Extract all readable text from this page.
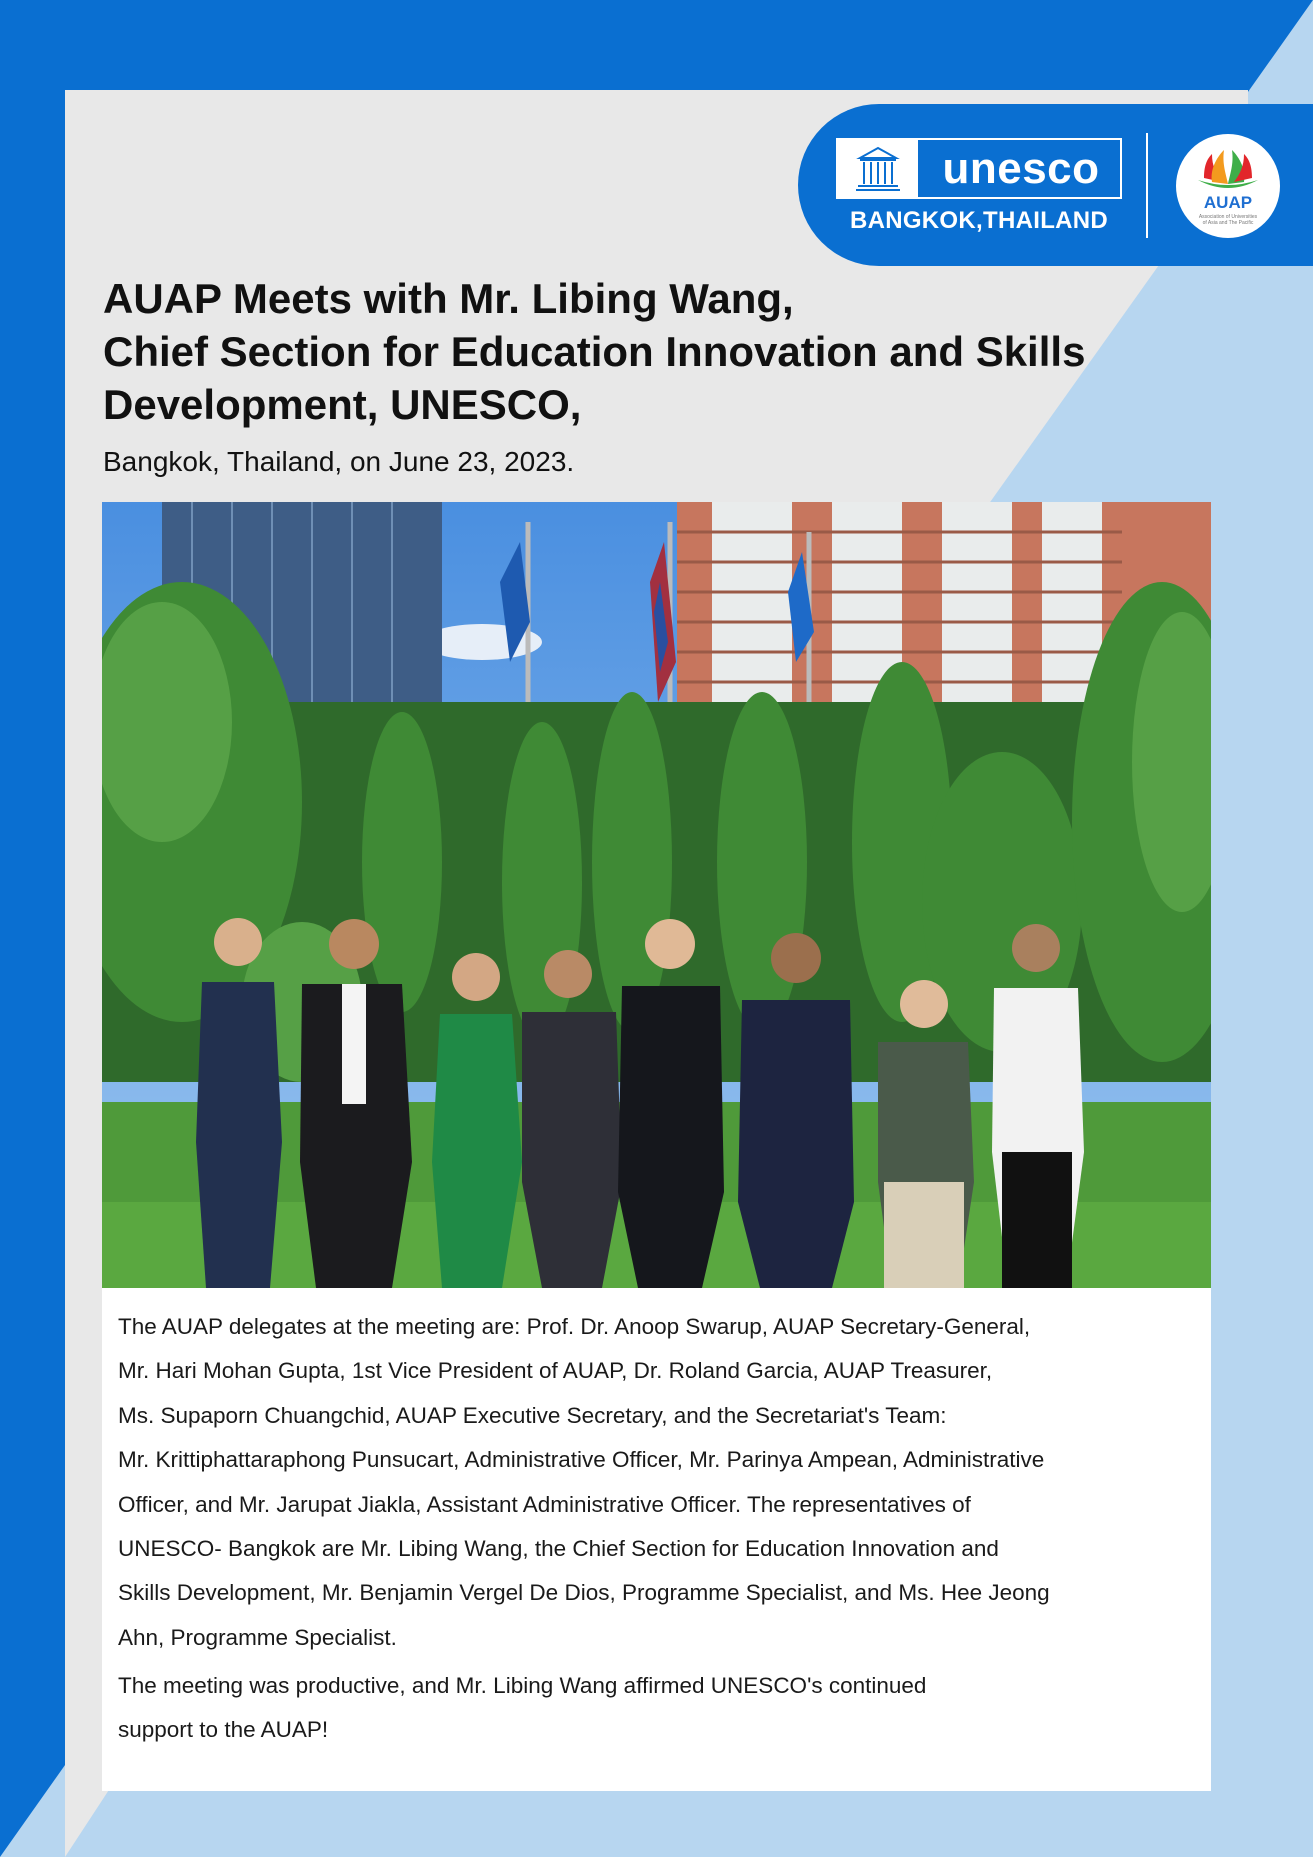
unesco
BANGKOK,THAILAND
AUAP
Association of Universities
of Asia and The Pacific
AUAP Meets with Mr. Libing Wang,
Chief Section for Education Innovation and Skills
Development, UNESCO,
Bangkok, Thailand, on June 23, 2023.
The AUAP delegates at the meeting are: Prof. Dr. Anoop Swarup, AUAP Secretary-General,
Mr. Hari Mohan Gupta, 1st Vice President of AUAP, Dr. Roland Garcia, AUAP Treasurer,
Ms. Supaporn Chuangchid, AUAP Executive Secretary, and the Secretariat's Team:
Mr. Krittiphattaraphong Punsucart, Administrative Officer, Mr. Parinya Ampean, Administrative
Officer, and Mr. Jarupat Jiakla, Assistant Administrative Officer. The representatives of
UNESCO- Bangkok are Mr. Libing Wang, the Chief Section for Education Innovation and
Skills Development, Mr. Benjamin Vergel De Dios, Programme Specialist, and Ms. Hee Jeong
Ahn, Programme Specialist.
The meeting was productive, and Mr. Libing Wang affirmed UNESCO's continued
support to the AUAP!
